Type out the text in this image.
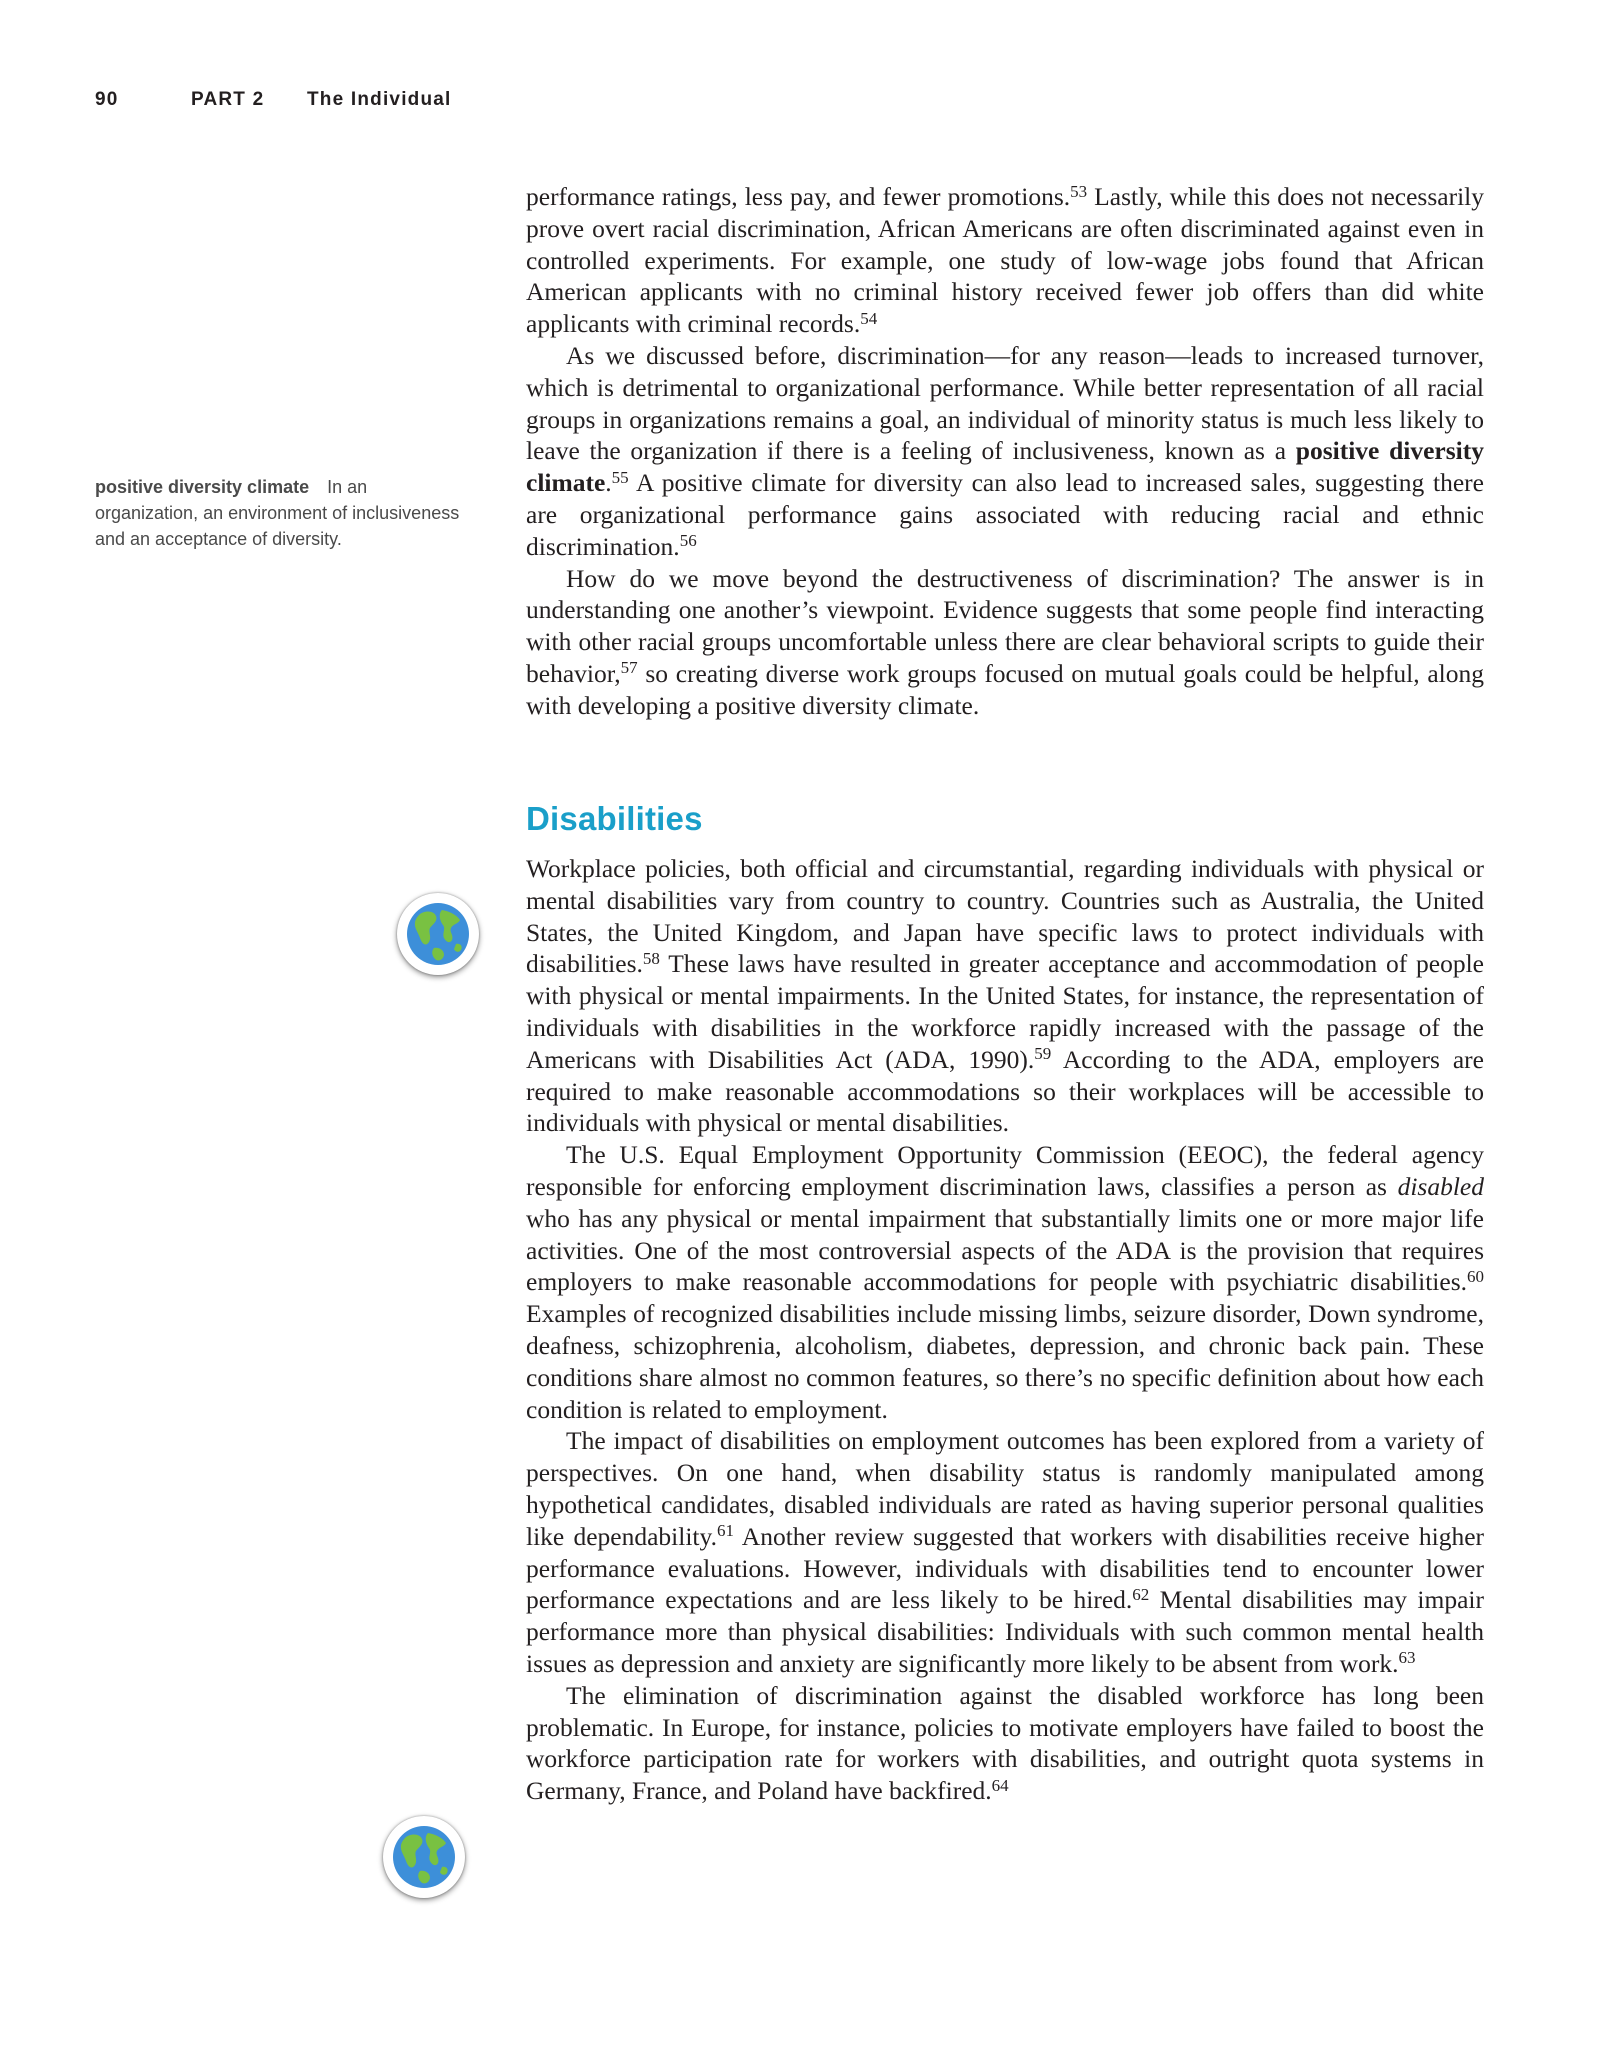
90	PART 2 The Individual
positive diversity climate In an organization, an environment of inclusiveness and an acceptance of diversity.

performance ratings, less pay, and fewer promotions.$^{53}$ Lastly, while this does not necessarily prove overt racial discrimination, African Americans are often discriminated against even in controlled experiments. For example, one study of low-wage jobs found that African American applicants with no criminal history received fewer job offers than did white applicants with criminal records.$^{54}$

As we discussed before, discrimination—for any reason—leads to increased turnover, which is detrimental to organizational performance. While better representation of all racial groups in organizations remains a goal, an individual of minority status is much less likely to leave the organization if there is a feeling of inclusiveness, known as a positive diversity climate.$^{55}$ A positive climate for diversity can also lead to increased sales, suggesting there are organizational performance gains associated with reducing racial and ethnic discrimination.$^{56}$

How do we move beyond the destructiveness of discrimination? The answer is in understanding one another’s viewpoint. Evidence suggests that some people find interacting with other racial groups uncomfortable unless there are clear behavioral scripts to guide their behavior,$^{57}$ so creating diverse work groups focused on mutual goals could be helpful, along with developing a positive diversity climate.

Disabilities

Workplace policies, both official and circumstantial, regarding individuals with physical or mental disabilities vary from country to country. Countries such as Australia, the United States, the United Kingdom, and Japan have specific laws to protect individuals with disabilities.$^{58}$ These laws have resulted in greater acceptance and accommodation of people with physical or mental impairments. In the United States, for instance, the representation of individuals with disabilities in the workforce rapidly increased with the passage of the Americans with Disabilities Act (ADA, 1990).$^{59}$ According to the ADA, employers are required to make reasonable accommodations so their workplaces will be accessible to individuals with physical or mental disabilities.

The U.S. Equal Employment Opportunity Commission (EEOC), the federal agency responsible for enforcing employment discrimination laws, classifies a person as disabled who has any physical or mental impairment that substantially limits one or more major life activities. One of the most controversial aspects of the ADA is the provision that requires employers to make reasonable accommodations for people with psychiatric disabilities.$^{60}$ Examples of recognized disabilities include missing limbs, seizure disorder, Down syndrome, deafness, schizophrenia, alcoholism, diabetes, depression, and chronic back pain. These conditions share almost no common features, so there’s no specific definition about how each condition is related to employment.

The impact of disabilities on employment outcomes has been explored from a variety of perspectives. On one hand, when disability status is randomly manipulated among hypothetical candidates, disabled individuals are rated as having superior personal qualities like dependability.$^{61}$ Another review suggested that workers with disabilities receive higher performance evaluations. However, individuals with disabilities tend to encounter lower performance expectations and are less likely to be hired.$^{62}$ Mental disabilities may impair performance more than physical disabilities: Individuals with such common mental health issues as depression and anxiety are significantly more likely to be absent from work.$^{63}$

The elimination of discrimination against the disabled workforce has long been problematic. In Europe, for instance, policies to motivate employers have failed to boost the workforce participation rate for workers with disabilities, and outright quota systems in Germany, France, and Poland have backfired.$^{64}$
